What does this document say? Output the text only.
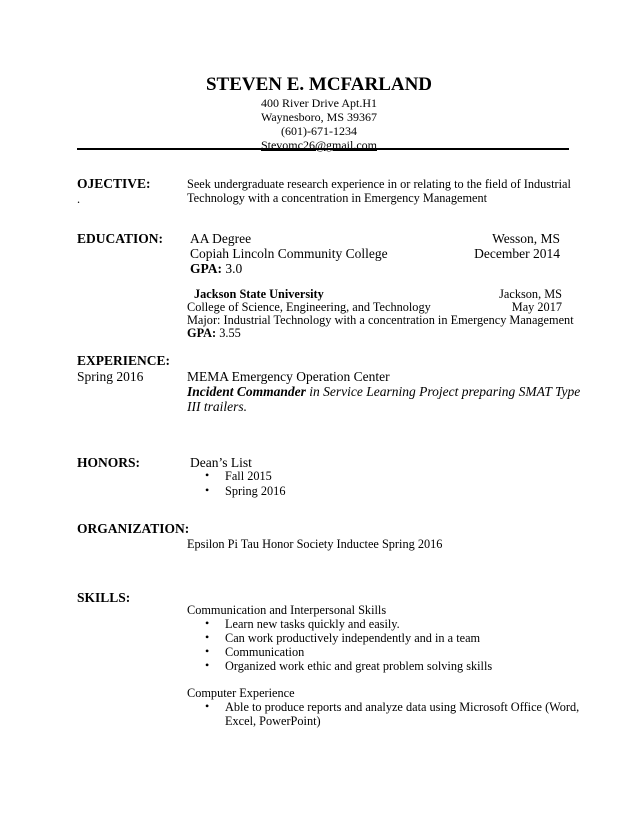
STEVEN E. MCFARLAND
400 River Drive Apt.H1
Waynesboro, MS 39367
(601)-671-1234
Stevomc26@gmail.com
OJECTIVE:
.
Seek undergraduate research experience in or relating to the field of Industrial
Technology with a concentration in Emergency Management
EDUCATION: AA Degree	Wesson, MS
Copiah Lincoln Community College	December 2014
GPA: 3.0
Jackson State University	Jackson, MS
College of Science, Engineering, and Technology	May 2017
Major: Industrial Technology with a concentration in Emergency Management
GPA: 3.55
EXPERIENCE:
Spring 2016	MEMA Emergency Operation Center
Incident Commander in Service Learning Project preparing SMAT Type
III trailers.
HONORS:	Dean’s List
• Fall 2015
• Spring 2016
ORGANIZATION:
Epsilon Pi Tau Honor Society Inductee Spring 2016
SKILLS:
Communication and Interpersonal Skills
• Learn new tasks quickly and easily.
• Can work productively independently and in a team
• Communication
• Organized work ethic and great problem solving skills
Computer Experience
• Able to produce reports and analyze data using Microsoft Office (Word,
Excel, PowerPoint)
